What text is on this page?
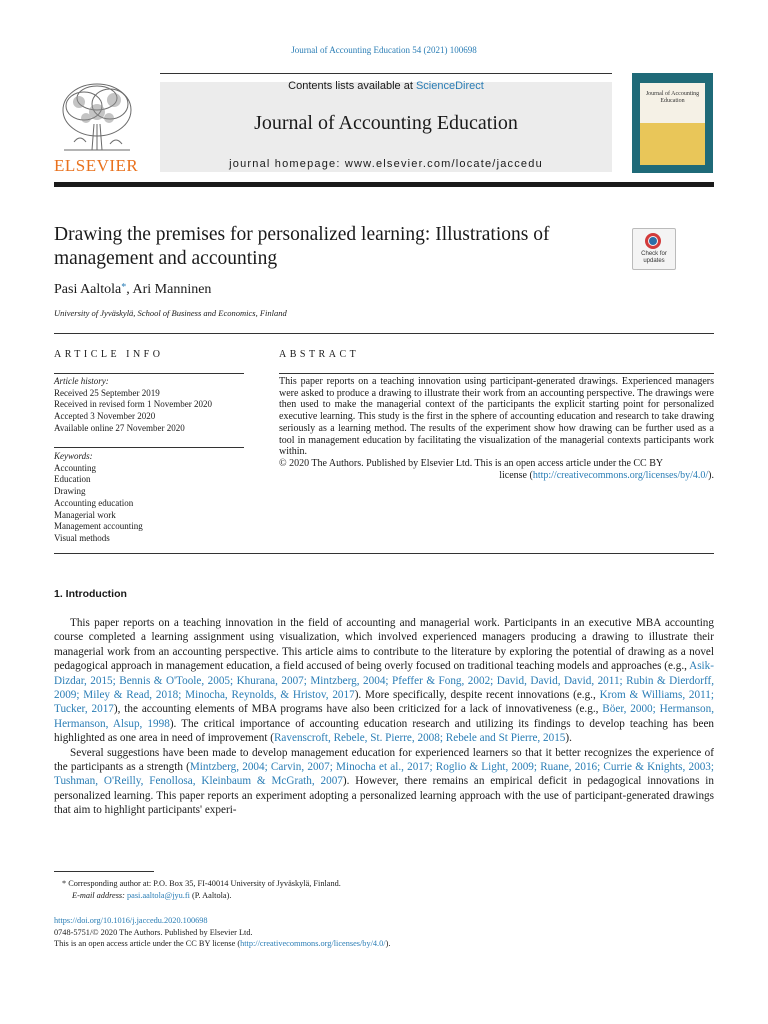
Journal of Accounting Education 54 (2021) 100698
Contents lists available at ScienceDirect
Journal of Accounting Education
journal homepage: www.elsevier.com/locate/jaccedu
ELSEVIER
Journal of Accounting Education
Drawing the premises for personalized learning: Illustrations of management and accounting	Check for updates
Pasi Aaltola*, Ari Manninen
University of Jyväskylä, School of Business and Economics, Finland
ARTICLE INFO
Article history:
Received 25 September 2019
Received in revised form 1 November 2020
Accepted 3 November 2020
Available online 27 November 2020
Keywords:
Accounting
Education
Drawing
Accounting education
Managerial work
Management accounting
Visual methods
ABSTRACT
This paper reports on a teaching innovation using participant-generated drawings. Experienced managers were asked to produce a drawing to illustrate their work from an accounting perspective. The drawings were then used to make the managerial context of the participants the explicit starting point for personalized executive learning. This study is the first in the sphere of accounting education and research to take drawing seriously as a learning method. The results of the experiment show how drawing can be further used as a tool in management education by facilitating the visualization of the managerial contexts participants work within.
© 2020 The Authors. Published by Elsevier Ltd. This is an open access article under the CC BY
license (http://creativecommons.org/licenses/by/4.0/).
1. Introduction

This paper reports on a teaching innovation in the field of accounting and managerial work. Participants in an executive MBA accounting course completed a learning assignment using visualization, which involved experienced managers producing a drawing to illustrate their managerial work from an accounting perspective. This article aims to contribute to the literature by exploring the potential of drawing as a novel pedagogical approach in management education, a field accused of being overly focused on traditional teaching models and approaches (e.g., Asik-Dizdar, 2015; Bennis & O'Toole, 2005; Khurana, 2007; Mintzberg, 2004; Pfeffer & Fong, 2002; David, David, David, 2011; Rubin & Dierdorff, 2009; Miley & Read, 2018; Minocha, Reynolds, & Hristov, 2017). More specifically, despite recent innovations (e.g., Krom & Williams, 2011; Tucker, 2017), the accounting elements of MBA programs have also been criticized for a lack of innovativeness (e.g., Böer, 2000; Hermanson, Hermanson, Alsup, 1998). The critical importance of accounting education research and utilizing its findings to develop teaching has been highlighted as one area in need of improvement (Ravenscroft, Rebele, St. Pierre, 2008; Rebele and St Pierre, 2015).

Several suggestions have been made to develop management education for experienced learners so that it better recognizes the experience of the participants as a strength (Mintzberg, 2004; Carvin, 2007; Minocha et al., 2017; Roglio & Light, 2009; Ruane, 2016; Currie & Knights, 2003; Tushman, O'Reilly, Fenollosa, Kleinbaum & McGrath, 2007). However, there remains an empirical deficit in pedagogical innovations in personalized learning. This paper reports an experiment adopting a personalized learning approach with the use of participant-generated drawings that aim to highlight participants' experi-

* Corresponding author at: P.O. Box 35, FI-40014 University of Jyväskylä, Finland.
E-mail address: pasi.aaltola@jyu.fi (P. Aaltola).
https://doi.org/10.1016/j.jaccedu.2020.100698
0748-5751/© 2020 The Authors. Published by Elsevier Ltd.
This is an open access article under the CC BY license (http://creativecommons.org/licenses/by/4.0/).
